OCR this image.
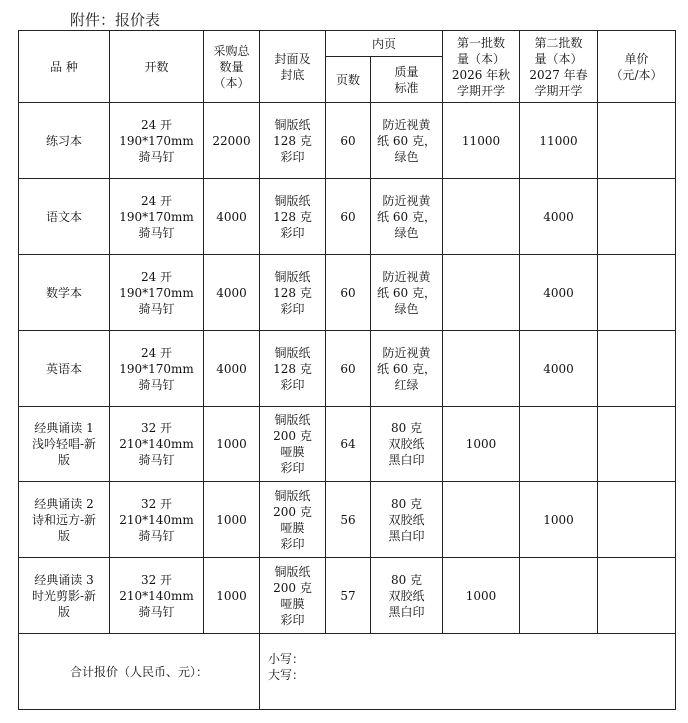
附件：报价表
品 种	开数	采购总
数量
（本）	封面及
封底	内页		第一批数
量（本）
2026 年秋
学期开学	第二批数
量（本）
2027 年春
学期开学	单价
（元/本）
				页数	质量
标准			
练习本	24 开
190*170mm
骑马钉	22000	铜版纸
128 克
彩印	60	防近视黄
纸 60 克，
绿色	11000	11000	
语文本	24 开
190*170mm
骑马钉	4000	铜版纸
128 克
彩印	60	防近视黄
纸 60 克，
绿色		4000	
数学本	24 开
190*170mm
骑马钉	4000	铜版纸
128 克
彩印	60	防近视黄
纸 60 克，
绿色		4000	
英语本	24 开
190*170mm
骑马钉	4000	铜版纸
128 克
彩印	60	防近视黄
纸 60 克，
红绿		4000	
经典诵读 1
浅吟轻唱-新
版	32 开
210*140mm
骑马钉	1000	铜版纸
200 克
哑膜
彩印	64	80 克
双胶纸
黑白印	1000		
经典诵读 2
诗和远方-新
版	32 开
210*140mm
骑马钉	1000	铜版纸
200 克
哑膜
彩印	56	80 克
双胶纸
黑白印		1000	
经典诵读 3
时光剪影-新
版	32 开
210*140mm
骑马钉	1000	铜版纸
200 克
哑膜
彩印	57	80 克
双胶纸
黑白印	1000		
合计报价（人民币、元）：			小写：
大写：					
